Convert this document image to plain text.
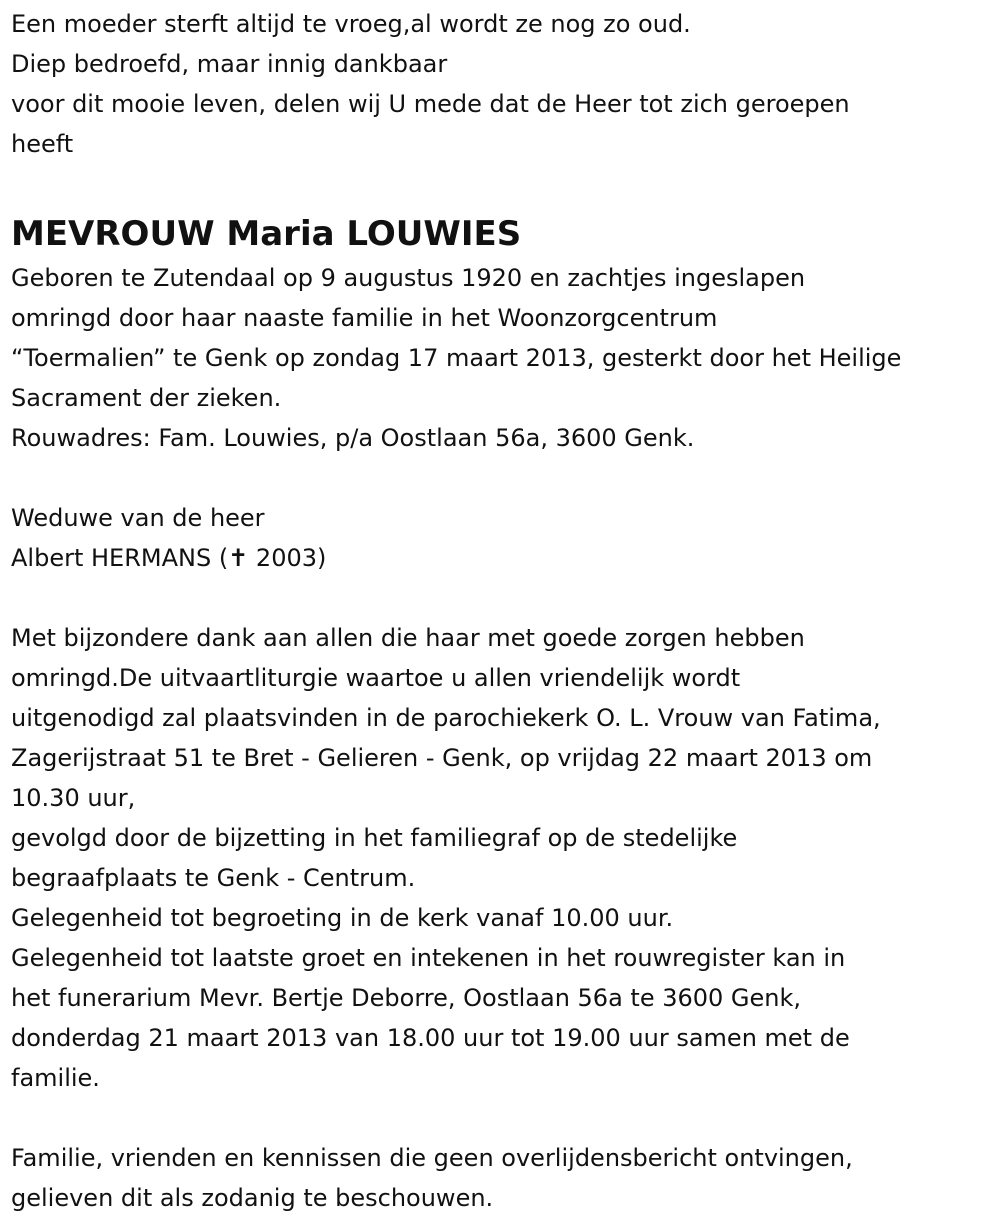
Een moeder sterft altijd te vroeg,al wordt ze nog zo oud.
Diep bedroefd, maar innig dankbaar
voor dit mooie leven, delen wij U mede dat de Heer tot zich geroepen
heeft
MEVROUW Maria LOUWIES
Geboren te Zutendaal op 9 augustus 1920 en zachtjes ingeslapen
omringd door haar naaste familie in het Woonzorgcentrum
“Toermalien” te Genk op zondag 17 maart 2013, gesterkt door het Heilige
Sacrament der zieken.
Rouwadres: Fam. Louwies, p/a Oostlaan 56a, 3600 Genk.
Weduwe van de heer
Albert HERMANS (✝ 2003)
Met bijzondere dank aan allen die haar met goede zorgen hebben
omringd.De uitvaartliturgie waartoe u allen vriendelijk wordt
uitgenodigd zal plaatsvinden in de parochiekerk O. L. Vrouw van Fatima,
Zagerijstraat 51 te Bret - Gelieren - Genk, op vrijdag 22 maart 2013 om
10.30 uur,
gevolgd door de bijzetting in het familiegraf op de stedelijke
begraafplaats te Genk - Centrum.
Gelegenheid tot begroeting in de kerk vanaf 10.00 uur.
Gelegenheid tot laatste groet en intekenen in het rouwregister kan in
het funerarium Mevr. Bertje Deborre, Oostlaan 56a te 3600 Genk,
donderdag 21 maart 2013 van 18.00 uur tot 19.00 uur samen met de
familie.
Familie, vrienden en kennissen die geen overlijdensbericht ontvingen,
gelieven dit als zodanig te beschouwen.
